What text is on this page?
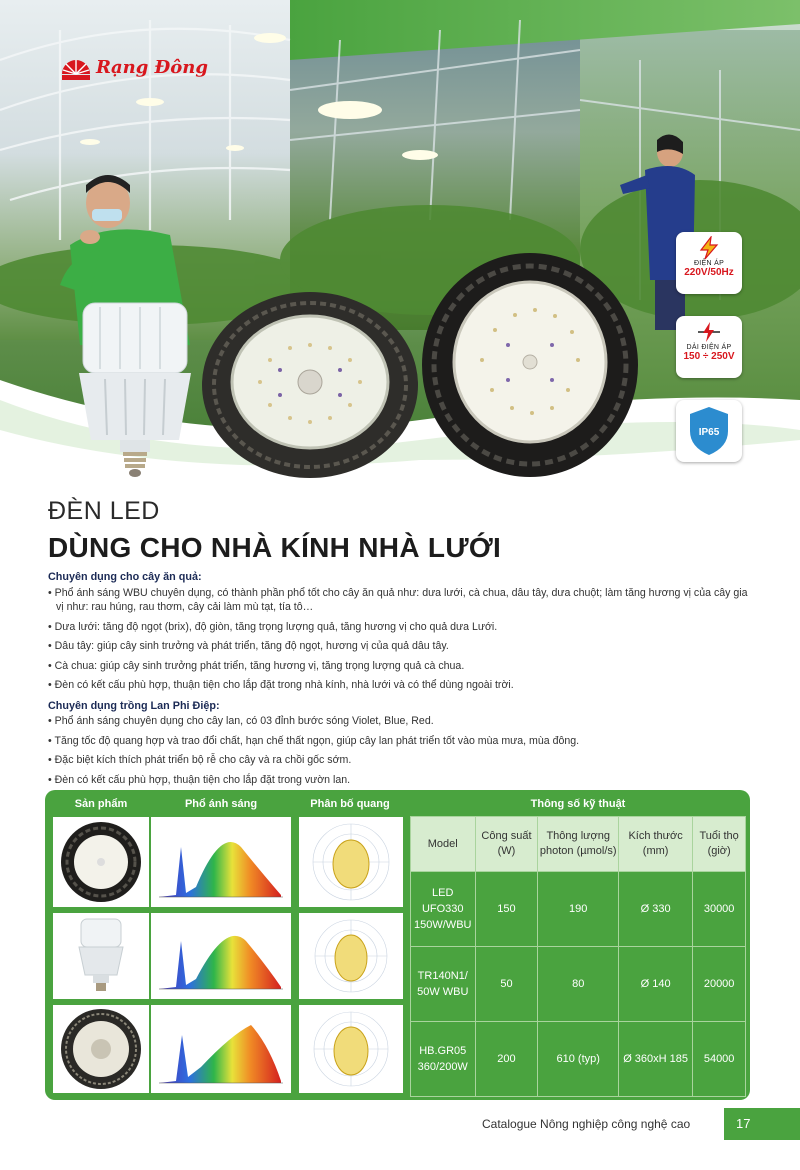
Rạng Đông
ĐIỆN ÁP
220V/50Hz
DẢI ĐIỆN ÁP
150 ÷ 250V
IP65
ĐÈN LED
DÙNG CHO NHÀ KÍNH NHÀ LƯỚI
Chuyên dụng cho cây ăn quả:
• Phổ ánh sáng WBU chuyên dụng, có thành phần phổ tốt cho cây ăn quả như: dưa lưới, cà chua, dâu tây, dưa chuột; làm tăng hương vị của cây gia vị như: rau húng, rau thơm, cây cải làm mù tạt, tía tô…
• Dưa lưới: tăng độ ngọt (brix), độ giòn, tăng trọng lượng quả, tăng hương vị cho quả dưa Lưới.
• Dâu tây: giúp cây sinh trưởng và phát triển, tăng độ ngọt, hương vị của quả dâu tây.
• Cà chua: giúp cây sinh trưởng phát triển, tăng hương vị, tăng trọng lượng quả cà chua.
• Đèn có kết cấu phù hợp, thuận tiện cho lắp đặt trong nhà kính, nhà lưới và có thể dùng ngoài trời.
Chuyên dụng trồng Lan Phi Điệp:
• Phổ ánh sáng chuyên dụng cho cây lan, có 03 đỉnh bước sóng Violet, Blue, Red.
• Tăng tốc độ quang hợp và trao đổi chất, hạn chế thất ngọn, giúp cây lan phát triển tốt vào mùa mưa, mùa đông.
• Đặc biệt kích thích phát triển bộ rễ cho cây và ra chồi gốc sớm.
• Đèn có kết cấu phù hợp, thuận tiện cho lắp đặt trong vườn lan.
Sản phẩm	Phổ ánh sáng	Phân bố quang	Thông số kỹ thuật
Model	Công suất (W)	Thông lượng photon (µmol/s)	Kích thước (mm)	Tuổi thọ (giờ)
LED UFO330 150W/WBU	150	190	Ø 330	30000
TR140N1/ 50W WBU	50	80	Ø 140	20000
HB.GR05 360/200W	200	610 (typ)	Ø 360xH 185	54000
Catalogue Nông nghiệp công nghệ cao	17
